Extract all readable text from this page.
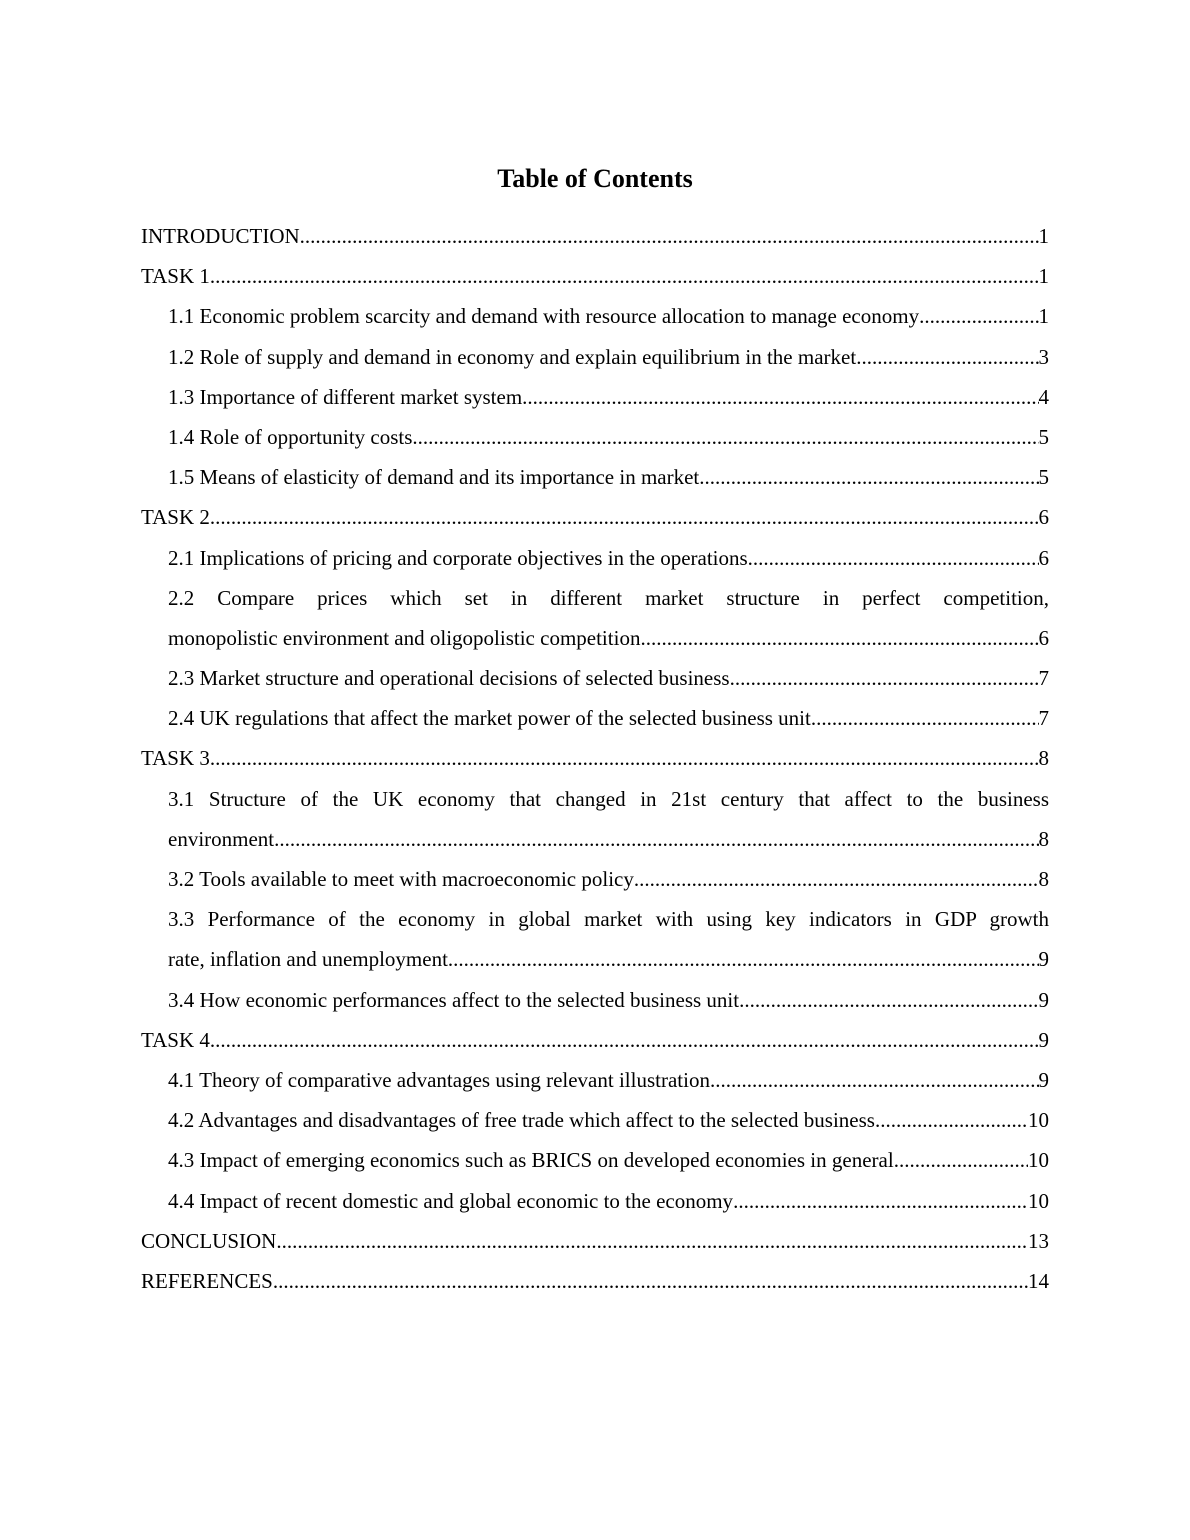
Table of Contents
INTRODUCTION .....	1
TASK 1 .....	1
1.1 Economic problem scarcity and demand with resource allocation to manage economy .....	1
1.2 Role of supply and demand in economy and explain equilibrium in the market .....	3
1.3 Importance of different market system .....	4
1.4 Role of opportunity costs .....	5
1.5 Means of elasticity of demand and its importance in market .....	5
TASK 2 .....	6
2.1 Implications of pricing and corporate objectives in the operations .....	6
2.2 Compare prices which set in different market structure in perfect competition,
monopolistic environment and oligopolistic competition .....	6
2.3 Market structure and operational decisions of selected business .....	7
2.4 UK regulations that affect the market power of the selected business unit .....	7
TASK 3 .....	8
3.1 Structure of the UK economy that changed in 21st century that affect to the business
environment .....	8
3.2 Tools available to meet with macroeconomic policy .....	8
3.3 Performance of the economy in global market with using key indicators in GDP growth
rate, inflation and unemployment .....	9
3.4 How economic performances affect to the selected business unit .....	9
TASK 4 .....	9
4.1 Theory of comparative advantages using relevant illustration .....	9
4.2 Advantages and disadvantages of free trade which affect to the selected business .....	10
4.3 Impact of emerging economics such as BRICS on developed economies in general .....	10
4.4 Impact of recent domestic and global economic to the economy .....	10
CONCLUSION .....	13
REFERENCES .....	14
